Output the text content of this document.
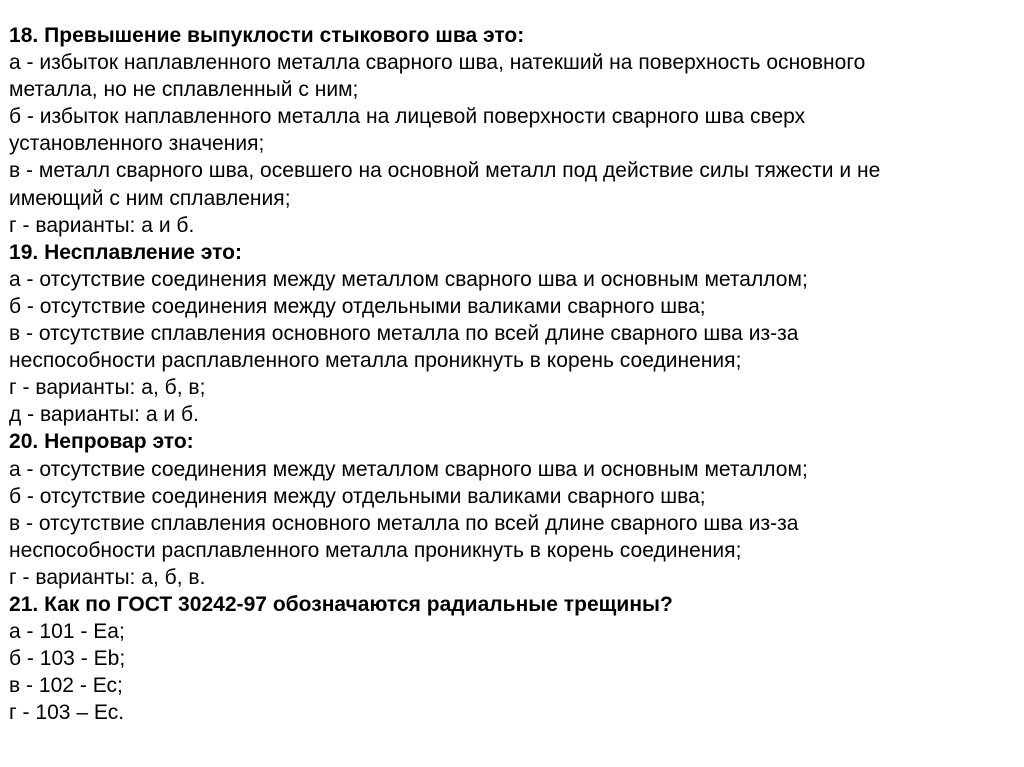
18. Превышение выпуклости стыкового шва это:
а - избыток наплавленного металла сварного шва, натекший на поверхность основного
металла, но не сплавленный с ним;
б - избыток наплавленного металла на лицевой поверхности сварного шва сверх
установленного значения;
в - металл сварного шва, осевшего на основной металл под действие силы тяжести и не
имеющий с ним сплавления;
г - варианты: а и б.
19. Несплавление это:
а - отсутствие соединения между металлом сварного шва и основным металлом;
б - отсутствие соединения между отдельными валиками сварного шва;
в - отсутствие сплавления основного металла по всей длине сварного шва из-за
неспособности расплавленного металла проникнуть в корень соединения;
г - варианты: а, б, в;
д - варианты: а и б.
20. Непровар это:
а - отсутствие соединения между металлом сварного шва и основным металлом;
б - отсутствие соединения между отдельными валиками сварного шва;
в - отсутствие сплавления основного металла по всей длине сварного шва из-за
неспособности расплавленного металла проникнуть в корень соединения;
г - варианты: а, б, в.
21. Как по ГОСТ 30242-97 обозначаются радиальные трещины?
а - 101 - Еа;
б - 103 - Еb;
в - 102 - Ес;
г - 103 – Ес.
